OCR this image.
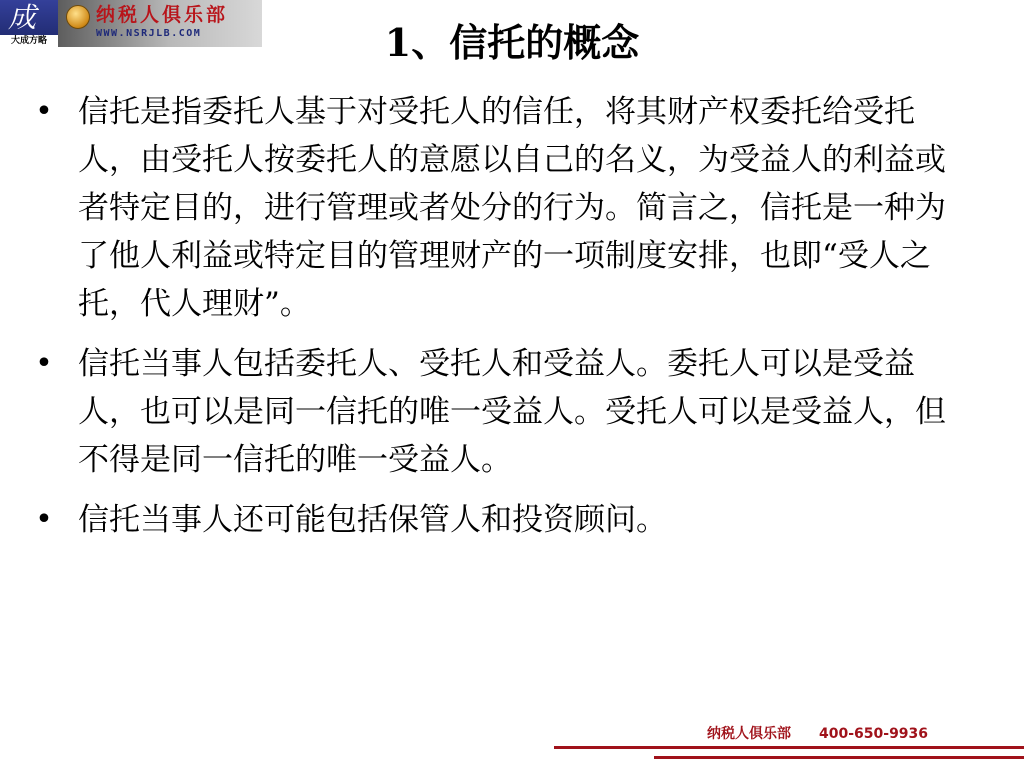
成
大成方略
纳税人俱乐部
WWW.NSRJLB.COM	1、信托的概念
• 信托是指委托人基于对受托人的信任，将其财产权委托给受托人，由受托人按委托人的意愿以自己的名义，为受益人的利益或者特定目的，进行管理或者处分的行为。简言之，信托是一种为了他人利益或特定目的管理财产的一项制度安排，也即“受人之托，代人理财”。
• 信托当事人包括委托人、受托人和受益人。委托人可以是受益人，也可以是同一信托的唯一受益人。受托人可以是受益人，但不得是同一信托的唯一受益人。
• 信托当事人还可能包括保管人和投资顾问。
纳税人俱乐部 400-650-9936
